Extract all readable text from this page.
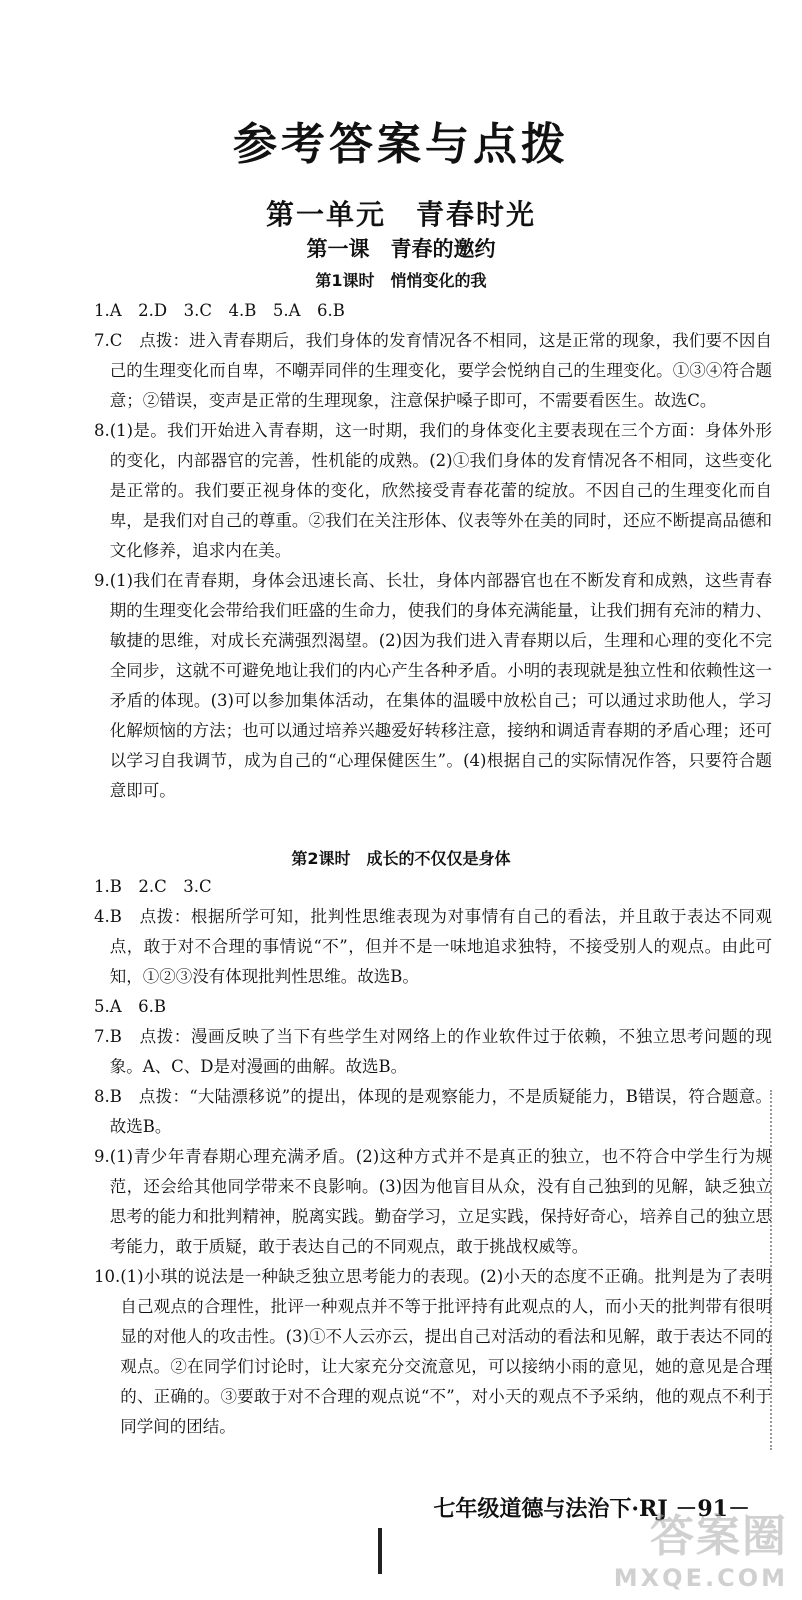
参考答案与点拨
第一单元　青春时光
第一课　青春的邀约
第1课时　悄悄变化的我
1.A　2.D　3.C　4.B　5.A　6.B
7. C　点拨：进入青春期后，我们身体的发育情况各不相同，这是正常的现象，我们要不因自己的生理变化而自卑，不嘲弄同伴的生理变化，要学会悦纳自己的生理变化。①③④符合题意；②错误，变声是正常的生理现象，注意保护嗓子即可，不需要看医生。故选C。
8. (1)是。我们开始进入青春期，这一时期，我们的身体变化主要表现在三个方面：身体外形的变化，内部器官的完善，性机能的成熟。(2)①我们身体的发育情况各不相同，这些变化是正常的。我们要正视身体的变化，欣然接受青春花蕾的绽放。不因自己的生理变化而自卑，是我们对自己的尊重。②我们在关注形体、仪表等外在美的同时，还应不断提高品德和文化修养，追求内在美。
9. (1)我们在青春期，身体会迅速长高、长壮，身体内部器官也在不断发育和成熟，这些青春期的生理变化会带给我们旺盛的生命力，使我们的身体充满能量，让我们拥有充沛的精力、敏捷的思维，对成长充满强烈渴望。(2)因为我们进入青春期以后，生理和心理的变化不完全同步，这就不可避免地让我们的内心产生各种矛盾。小明的表现就是独立性和依赖性这一矛盾的体现。(3)可以参加集体活动，在集体的温暖中放松自己；可以通过求助他人，学习化解烦恼的方法；也可以通过培养兴趣爱好转移注意，接纳和调适青春期的矛盾心理；还可以学习自我调节，成为自己的“心理保健医生”。(4)根据自己的实际情况作答，只要符合题意即可。
第2课时　成长的不仅仅是身体
1.B　2.C　3.C
4. B　点拨：根据所学可知，批判性思维表现为对事情有自己的看法，并且敢于表达不同观点，敢于对不合理的事情说“不”，但并不是一味地追求独特，不接受别人的观点。由此可知，①②③没有体现批判性思维。故选B。
5.A　6.B
7. B　点拨：漫画反映了当下有些学生对网络上的作业软件过于依赖，不独立思考问题的现象。A、C、D是对漫画的曲解。故选B。
8. B　点拨：“大陆漂移说”的提出，体现的是观察能力，不是质疑能力，B错误，符合题意。故选B。
9. (1)青少年青春期心理充满矛盾。(2)这种方式并不是真正的独立，也不符合中学生行为规范，还会给其他同学带来不良影响。(3)因为他盲目从众，没有自己独到的见解，缺乏独立思考的能力和批判精神，脱离实践。勤奋学习，立足实践，保持好奇心，培养自己的独立思考能力，敢于质疑，敢于表达自己的不同观点，敢于挑战权威等。
10. (1)小琪的说法是一种缺乏独立思考能力的表现。(2)小天的态度不正确。批判是为了表明自己观点的合理性，批评一种观点并不等于批评持有此观点的人，而小天的批判带有很明显的对他人的攻击性。(3)①不人云亦云，提出自己对活动的看法和见解，敢于表达不同的观点。②在同学们讨论时，让大家充分交流意见，可以接纳小雨的意见，她的意见是合理的、正确的。③要敢于对不合理的观点说“不”，对小天的观点不予采纳，他的观点不利于同学间的团结。
七年级道德与法治下·RJ －91－
答案圈
MXQE.COM
